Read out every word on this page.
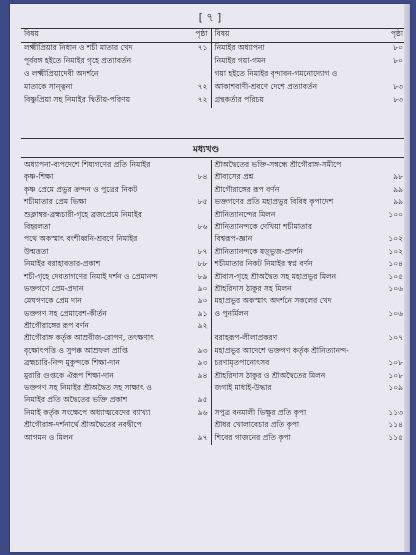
[ ৭ ]
বিষয়	পৃষ্ঠা	বিষয়	পৃষ্ঠা
লক্ষ্মীপ্রিয়ার নিধান ও শচী মাতার খেদ	৭১	নিমাইর অধ্যাপনা	৮০
পূর্ববঙ্গ হইতে নিমাইর গৃহে প্রত্যাবর্তন		নিমাইর গয়া-গমন	৮০
ও লক্ষ্মীপ্রিয়াদেবী অদর্শনে		গয়া হইতে নিমাইর বৃন্দাবন-গমনোদ্যোগ ও	
মাতাকে সান্ত্বনা	৭২	আকাশবাণী-শ্রবণে দেশে প্রত্যাবর্তন	৮৩
বিষ্ণুপ্রিয়া সহ নিমাইর দ্বিতীয়-পরিণয়	৭২	গ্রন্থকর্তার পরিচয়	৮৩
মধ্যখণ্ড
অধ্যাপনা-ব্যপদেশে শিষ্যগণের প্রতি নিমাইর		শ্রীঅদ্বৈতের ভক্তি-সম্বন্ধে শ্রীগৌরাঙ্গ-সমীপে	
কৃষ্ণ-শিক্ষা	৮৪	শ্রীবাসের প্রশ্ন	৯৮
কৃষ্ণ প্রেমে প্রভুর ক্রন্দন ও পুত্রের নিকট		শ্রীগৌরাঙ্গের রূপ বর্ণন	৯৯
শচীমাতার প্রেম ভিক্ষা	৮৫	ভক্তগণের প্রতি মহাপ্রভুর বিবিধ কৃপাদেশ	৯৯
শুক্লাম্বর-ব্রহ্মচারী-গৃহে ব্রজপ্রেমে নিমাইর		শ্রীনিত্যানন্দের মিলন	১০০
বিহ্বলতা	৮৬	শ্রীনিত্যানন্দকে দেখিয়া শচীমাতার	
পথে অকস্মাৎ বংশীধ্বনি-শ্রবণে নিমাইর		বিশ্বরূপ-জ্ঞান	১০২
উন্মত্ততা	৮৭	শ্রীনিত্যানন্দকে ষড়্ভুজ-প্রদর্শন	১০২
নিমাইর বরাহাবতার-প্রকাশ	৮৮	শচীমাতার নিকট নিমাইর স্বপ্ন বর্ণন	১০৪
শচী-গৃহে দেবতাগণের নিমাই দর্শন ও প্রেমানন্দ	৮৯	শ্রীবাস-গৃহে শ্রীঅদ্বৈত সহ মহাপ্রভুর মিলন	১০৫
ভক্তগণে প্রেম-প্রদান	৯০	শ্রীহরিদাস ঠাকুর সহ মিলন	১০৬
মেঘগণকে প্রেম দান	৯০	মহাপ্রভুর অকস্মাৎ অদর্শনে সকলের খেদ	
ভক্তগণ সহ প্রেমাবেশ-কীর্তন	৯১	ও পুনর্মিলন	১০৬
শ্রীগৌরাঙ্গের রূপ বর্ণন	৯২		
শ্রীগৌরাঙ্গ কর্তৃক আম্রবীজ-রোপণ, তৎক্ষণাৎ		বরাহরূপ-লীলাপ্রকরণ	১০৭
বৃক্ষোৎপত্তি ও সুপক্ক আম্রফল প্রাপ্তি	৯৩	মহাপ্রভুর আদেশে ভক্তগণ কর্তৃক শ্রীনিত্যানন্দ-	
ব্রহ্মচারি-নিন্দ মুকুন্দকে শিক্ষা-দান	৯৩	চরণামৃতপানোৎসব	১০৮
মুরারি গুপ্তকে ঐরূপ শিক্ষা-দান	৯৪	শ্রীহরিদাস ঠাকুর ও শ্রীঅদ্বৈতের মিলন	১০৮
ভক্তগণ সহ নিমাইর শ্রীঅদ্বৈত সহ সাক্ষাৎ ও		জগাই মাধাই-উদ্ধার	১০৯
নিমাইর প্রতি অদ্বৈতের ভক্তি প্রকাশ	৯৫		
নিমাই কর্তৃক সংক্ষেপে অধ্যাত্মবেদের ব্যাখ্যা	৯৬	সপুত্র বনমালী ভিক্ষুর প্রতি কৃপা	১১৩
শ্রীগৌরাঙ্গ-দর্শনার্থে শ্রীঅদ্বৈতের নবদ্বীপে		শ্রীধর খোলাবেচার প্রতি কৃপা	১১৪
আগমন ও মিলন	৯৭	শিবের গাজনের প্রতি কৃপা	১১৫
